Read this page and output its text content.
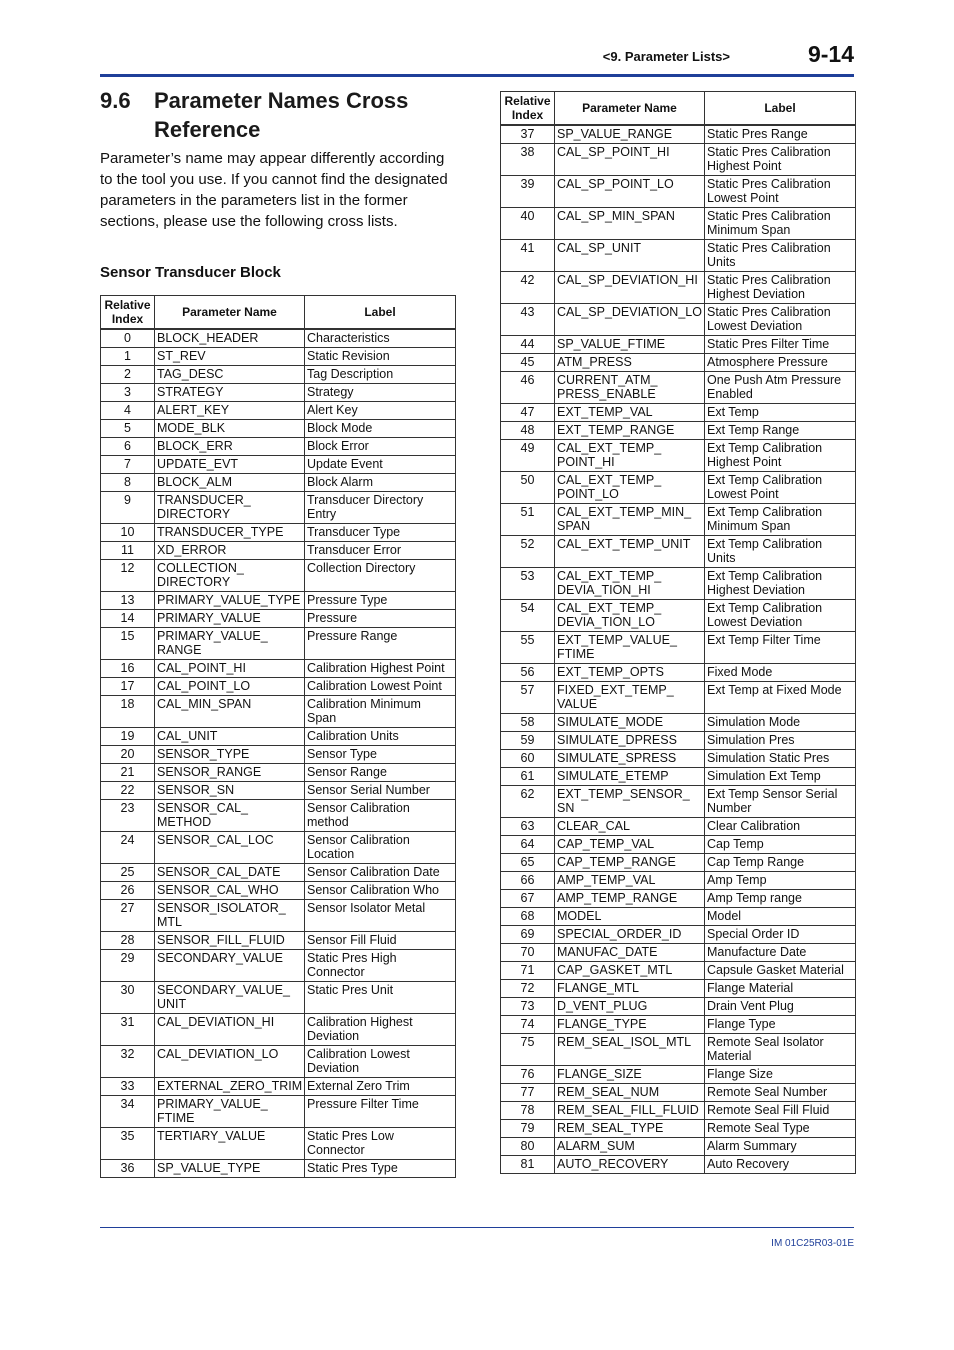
<9. Parameter Lists>	9-14
9.6 Parameter Names Cross Reference
Parameter’s name may appear differently according to the tool you use. If you cannot find the designated parameters in the parameters list in the former sections, please use the following cross lists.
Sensor Transducer Block
Relative Index	Parameter Name	Label
0	BLOCK_HEADER	Characteristics
1	ST_REV	Static Revision
2	TAG_DESC	Tag Description
3	STRATEGY	Strategy
4	ALERT_KEY	Alert Key
5	MODE_BLK	Block Mode
6	BLOCK_ERR	Block Error
7	UPDATE_EVT	Update Event
8	BLOCK_ALM	Block Alarm
9	TRANSDUCER_
DIRECTORY	Transducer Directory
Entry
10	TRANSDUCER_TYPE	Transducer Type
11	XD_ERROR	Transducer Error
12	COLLECTION_
DIRECTORY	Collection Directory
13	PRIMARY_VALUE_TYPE	Pressure Type
14	PRIMARY_VALUE	Pressure
15	PRIMARY_VALUE_
RANGE	Pressure Range
16	CAL_POINT_HI	Calibration Highest Point
17	CAL_POINT_LO	Calibration Lowest Point
18	CAL_MIN_SPAN	Calibration Minimum Span
19	CAL_UNIT	Calibration Units
20	SENSOR_TYPE	Sensor Type
21	SENSOR_RANGE	Sensor Range
22	SENSOR_SN	Sensor Serial Number
23	SENSOR_CAL_
METHOD	Sensor Calibration
method
24	SENSOR_CAL_LOC	Sensor Calibration
Location
25	SENSOR_CAL_DATE	Sensor Calibration Date
26	SENSOR_CAL_WHO	Sensor Calibration Who
27	SENSOR_ISOLATOR_
MTL	Sensor Isolator Metal
28	SENSOR_FILL_FLUID	Sensor Fill Fluid
29	SECONDARY_VALUE	Static Pres High
Connector
30	SECONDARY_VALUE_
UNIT	Static Pres Unit
31	CAL_DEVIATION_HI	Calibration Highest
Deviation
32	CAL_DEVIATION_LO	Calibration Lowest
Deviation
33	EXTERNAL_ZERO_TRIM	External Zero Trim
34	PRIMARY_VALUE_
FTIME	Pressure Filter Time
35	TERTIARY_VALUE	Static Pres Low
Connector
36	SP_VALUE_TYPE	Static Pres Type
Relative Index	Parameter Name	Label
37	SP_VALUE_RANGE	Static Pres Range
38	CAL_SP_POINT_HI	Static Pres Calibration
Highest Point
39	CAL_SP_POINT_LO	Static Pres Calibration
Lowest Point
40	CAL_SP_MIN_SPAN	Static Pres Calibration
Minimum Span
41	CAL_SP_UNIT	Static Pres Calibration
Units
42	CAL_SP_DEVIATION_HI	Static Pres Calibration
Highest Deviation
43	CAL_SP_DEVIATION_LO	Static Pres Calibration
Lowest Deviation
44	SP_VALUE_FTIME	Static Pres Filter Time
45	ATM_PRESS	Atmosphere Pressure
46	CURRENT_ATM_
PRESS_ENABLE	One Push Atm Pressure
Enabled
47	EXT_TEMP_VAL	Ext Temp
48	EXT_TEMP_RANGE	Ext Temp Range
49	CAL_EXT_TEMP_
POINT_HI	Ext Temp Calibration
Highest Point
50	CAL_EXT_TEMP_
POINT_LO	Ext Temp Calibration
Lowest Point
51	CAL_EXT_TEMP_MIN_
SPAN	Ext Temp Calibration
Minimum Span
52	CAL_EXT_TEMP_UNIT	Ext Temp Calibration Units
53	CAL_EXT_TEMP_
DEVIA_TION_HI	Ext Temp Calibration
Highest Deviation
54	CAL_EXT_TEMP_
DEVIA_TION_LO	Ext Temp Calibration
Lowest Deviation
55	EXT_TEMP_VALUE_
FTIME	Ext Temp Filter Time
56	EXT_TEMP_OPTS	Fixed Mode
57	FIXED_EXT_TEMP_
VALUE	Ext Temp at Fixed Mode
58	SIMULATE_MODE	Simulation Mode
59	SIMULATE_DPRESS	Simulation Pres
60	SIMULATE_SPRESS	Simulation Static Pres
61	SIMULATE_ETEMP	Simulation Ext Temp
62	EXT_TEMP_SENSOR_
SN	Ext Temp Sensor Serial
Number
63	CLEAR_CAL	Clear Calibration
64	CAP_TEMP_VAL	Cap Temp
65	CAP_TEMP_RANGE	Cap Temp Range
66	AMP_TEMP_VAL	Amp Temp
67	AMP_TEMP_RANGE	Amp Temp range
68	MODEL	Model
69	SPECIAL_ORDER_ID	Special Order ID
70	MANUFAC_DATE	Manufacture Date
71	CAP_GASKET_MTL	Capsule Gasket Material
72	FLANGE_MTL	Flange Material
73	D_VENT_PLUG	Drain Vent Plug
74	FLANGE_TYPE	Flange Type
75	REM_SEAL_ISOL_MTL	Remote Seal Isolator
Material
76	FLANGE_SIZE	Flange Size
77	REM_SEAL_NUM	Remote Seal Number
78	REM_SEAL_FILL_FLUID	Remote Seal Fill Fluid
79	REM_SEAL_TYPE	Remote Seal Type
80	ALARM_SUM	Alarm Summary
81	AUTO_RECOVERY	Auto Recovery
IM 01C25R03-01E
